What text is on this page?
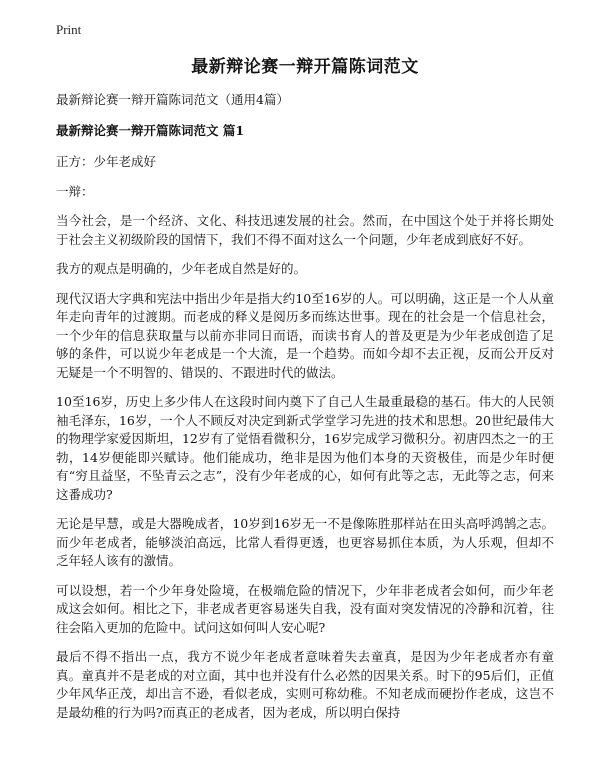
Print
最新辩论赛一辩开篇陈词范文

最新辩论赛一辩开篇陈词范文（通用4篇）

最新辩论赛一辩开篇陈词范文 篇1

正方：少年老成好

一辩：

当今社会，是一个经济、文化、科技迅速发展的社会。然而，在中国这个处于并将长期处于社会主义初级阶段的国情下，我们不得不面对这么一个问题，少年老成到底好不好。

我方的观点是明确的，少年老成自然是好的。

现代汉语大字典和宪法中指出少年是指大约10至16岁的人。可以明确，这正是一个人从童年走向青年的过渡期。而老成的释义是阅历多而练达世事。现在的社会是一个信息社会，一个少年的信息获取量与以前亦非同日而语，而读书育人的普及更是为少年老成创造了足够的条件，可以说少年老成是一个大流，是一个趋势。而如今却不去正视，反而公开反对无疑是一个不明智的、错误的、不跟进时代的做法。

10至16岁，历史上多少伟人在这段时间内奠下了自己人生最重最稳的基石。伟大的人民领袖毛泽东，16岁，一个人不顾反对决定到新式学堂学习先进的技术和思想。20世纪最伟大的物理学家爱因斯坦，12岁有了觉悟看微积分，16岁完成学习微积分。初唐四杰之一的王勃，14岁便能即兴赋诗。他们能成功，绝非是因为他们本身的天资极佳，而是少年时便有“穷且益坚，不坠青云之志”，没有少年老成的心，如何有此等之志，无此等之志，何来这番成功?

无论是早慧，或是大器晚成者，10岁到16岁无一不是像陈胜那样站在田头高呼鸿鹄之志。而少年老成者，能够淡泊高远，比常人看得更透，也更容易抓住本质，为人乐观，但却不乏年轻人该有的激情。

可以设想，若一个少年身处险境，在极端危险的情况下，少年非老成者会如何，而少年老成这会如何。相比之下，非老成者更容易迷失自我，没有面对突发情况的冷静和沉着，往往会陷入更加的危险中。试问这如何叫人安心呢?

最后不得不指出一点，我方不说少年老成者意味着失去童真，是因为少年老成者亦有童真。童真并不是老成的对立面，其中也并没有什么必然的因果关系。时下的95后们，正值少年风华正茂，却出言不逊，看似老成，实则可称幼稚。不知老成而硬扮作老成，这岂不是最幼稚的行为吗?而真正的老成者，因为老成，所以明白保持
